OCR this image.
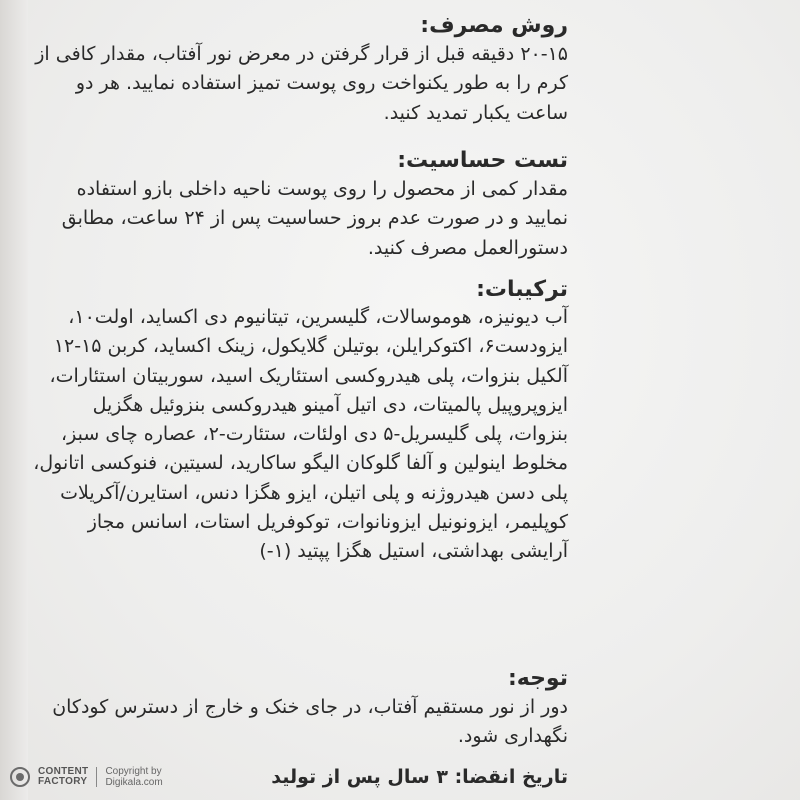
روش مصرف:
۲۰-۱۵ دقیقه قبل از قرار گرفتن در معرض نور آفتاب، مقدار کافی از کرم را به طور یکنواخت روی پوست تمیز استفاده نمایید. هر دو ساعت یکبار تمدید کنید.
تست حساسیت:
مقدار کمی از محصول را روی پوست ناحیه داخلی بازو استفاده نمایید و در صورت عدم بروز حساسیت پس از ۲۴ ساعت، مطابق دستورالعمل مصرف کنید.
ترکیبات:
آب دیونیزه، هوموسالات، گلیسرین، تیتانیوم دی اکساید، اولت۱۰، ایزودست۶، اکتوکرایلن، بوتیلن گلایکول، زینک اکساید، کربن ۱۵-۱۲ آلکیل بنزوات، پلی هیدروکسی استئاریک اسید، سوربیتان استئارات، ایزوپروپیل پالمیتات، دی اتیل آمینو هیدروکسی بنزوئیل هگزیل بنزوات، پلی گلیسریل-۵ دی اولئات، ستئارت-۲، عصاره چای سبز، مخلوط اینولین و آلفا گلوکان الیگو ساکارید، لسیتین، فنوکسی اتانول، پلی دسن هیدروژنه و پلی اتیلن، ایزو هگزا دنس، استایرن/آکریلات کوپلیمر، ایزونونیل ایزونانوات، توکوفریل استات، اسانس مجاز آرایشی بهداشتی، استیل هگزا پپتید (۱-)
توجه:
دور از نور مستقیم آفتاب، در جای خنک و خارج از دسترس کودکان نگهداری شود.
تاریخ انقضا: ۳ سال پس از تولید
CONTENT
FACTORY
Copyright by
Digikala.com
